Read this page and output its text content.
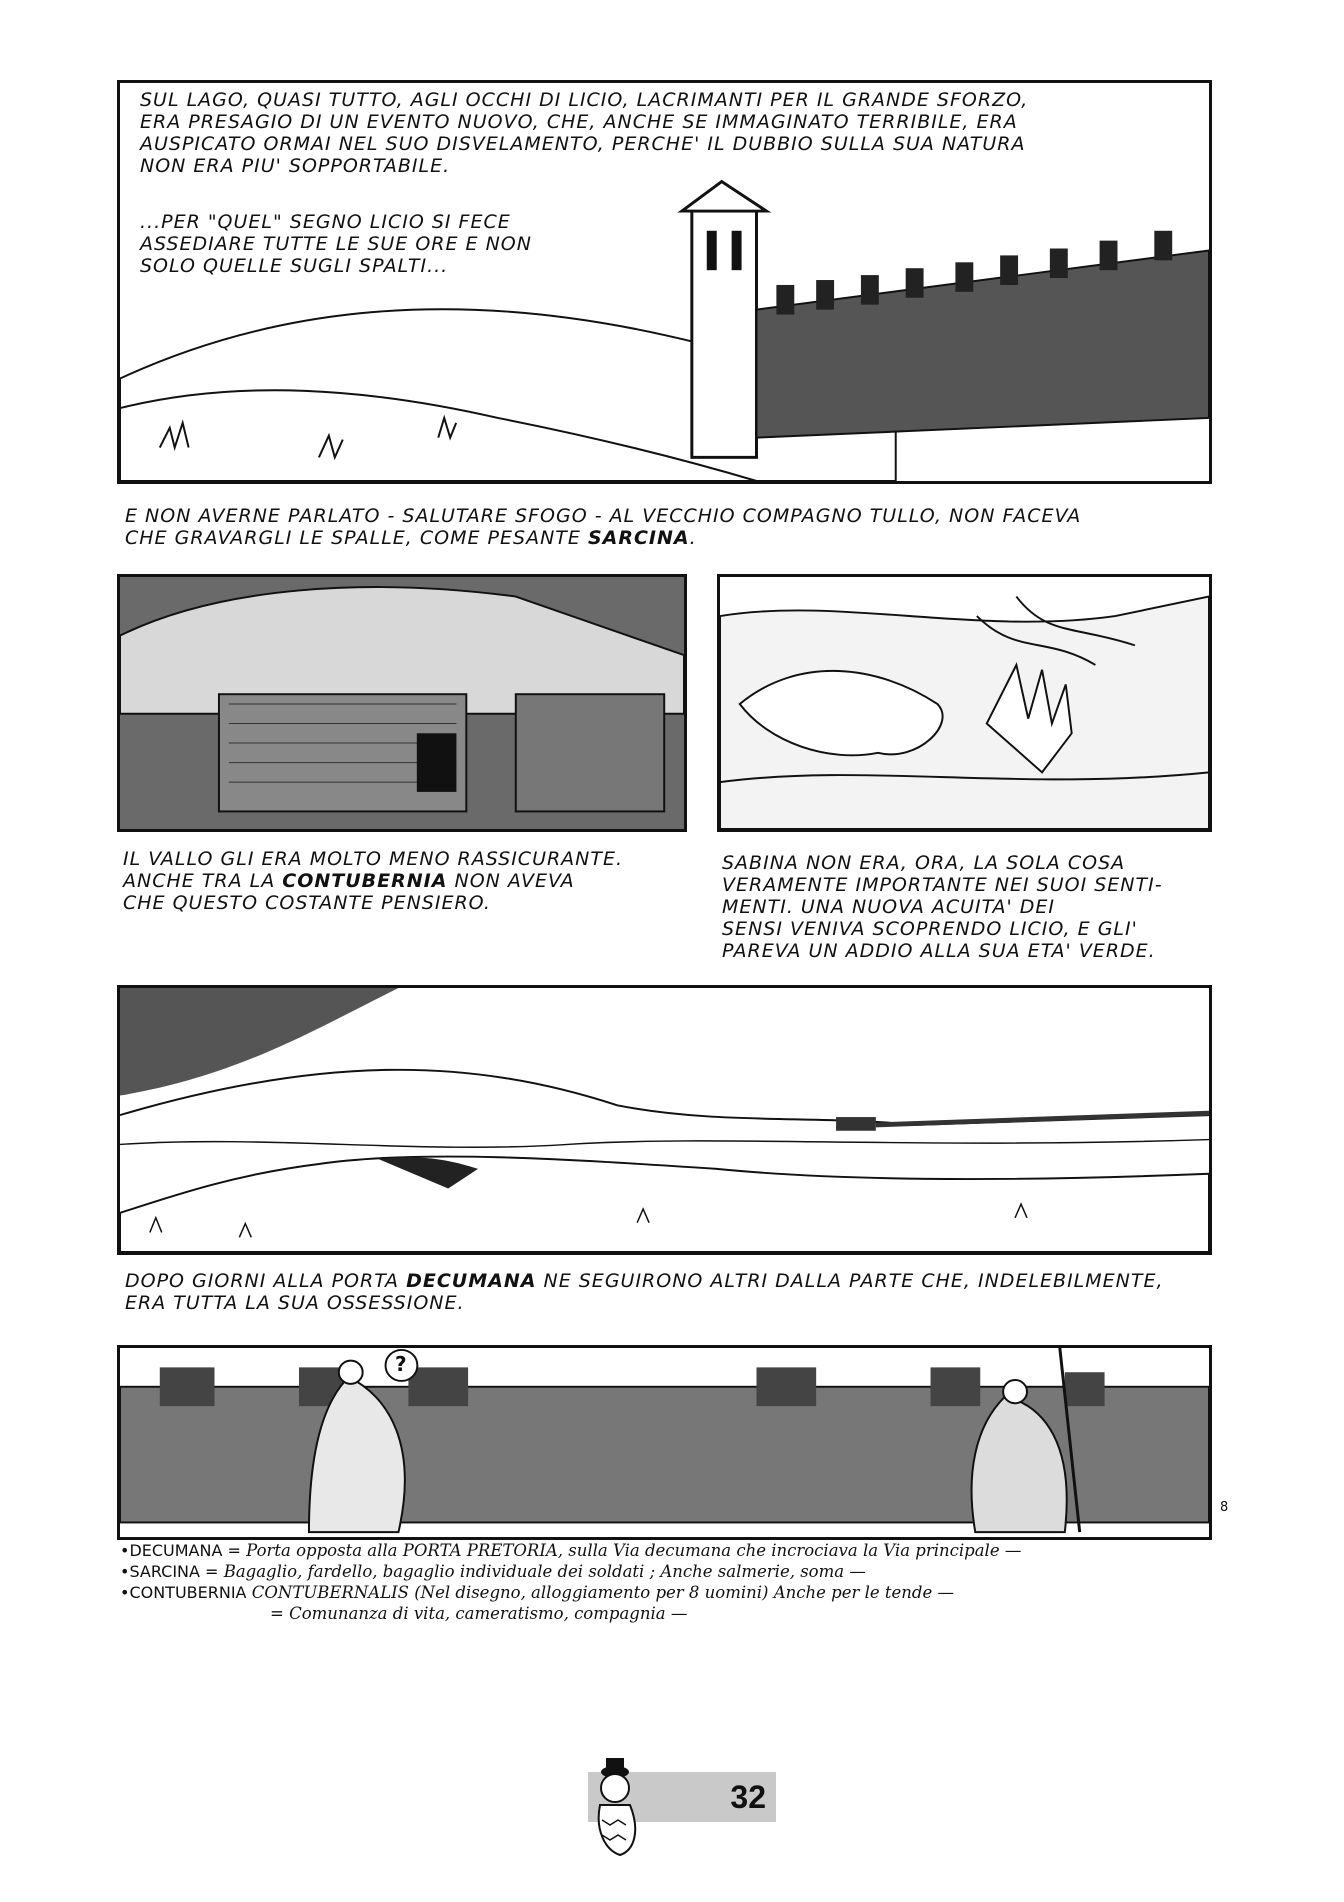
SUL LAGO, QUASI TUTTO, AGLI OCCHI DI LICIO, LACRIMANTI PER IL GRANDE SFORZO,
ERA PRESAGIO DI UN EVENTO NUOVO, CHE, ANCHE SE IMMAGINATO TERRIBILE, ERA
AUSPICATO ORMAI NEL SUO DISVELAMENTO, PERCHE' IL DUBBIO SULLA SUA NATURA
NON ERA PIU' SOPPORTABILE.
...PER "QUEL" SEGNO LICIO SI FECE
ASSEDIARE TUTTE LE SUE ORE E NON
SOLO QUELLE SUGLI SPALTI...
E NON AVERNE PARLATO - SALUTARE SFOGO - AL VECCHIO COMPAGNO TULLO, NON FACEVA
CHE GRAVARGLI LE SPALLE, COME PESANTE SARCINA.
IL VALLO GLI ERA MOLTO MENO RASSICURANTE.
ANCHE TRA LA CONTUBERNIA NON AVEVA
CHE QUESTO COSTANTE PENSIERO.
SABINA NON ERA, ORA, LA SOLA COSA
VERAMENTE IMPORTANTE NEI SUOI SENTI-
MENTI. UNA NUOVA ACUITA' DEI
SENSI VENIVA SCOPRENDO LICIO, E GLI'
PAREVA UN ADDIO ALLA SUA ETA' VERDE.
DOPO GIORNI ALLA PORTA DECUMANA NE SEGUIRONO ALTRI DALLA PARTE CHE, INDELEBILMENTE,
ERA TUTTA LA SUA OSSESSIONE.
?
8
•DECUMANA = Porta opposta alla PORTA PRETORIA, sulla Via decumana che incrociava la Via principale —
•SARCINA = Bagaglio, fardello, bagaglio individuale dei soldati ; Anche salmerie, soma —
•CONTUBERNIA CONTUBERNALIS (Nel disegno, alloggiamento per 8 uomini) Anche per le tende —
= Comunanza di vita, cameratismo, compagnia —
32
